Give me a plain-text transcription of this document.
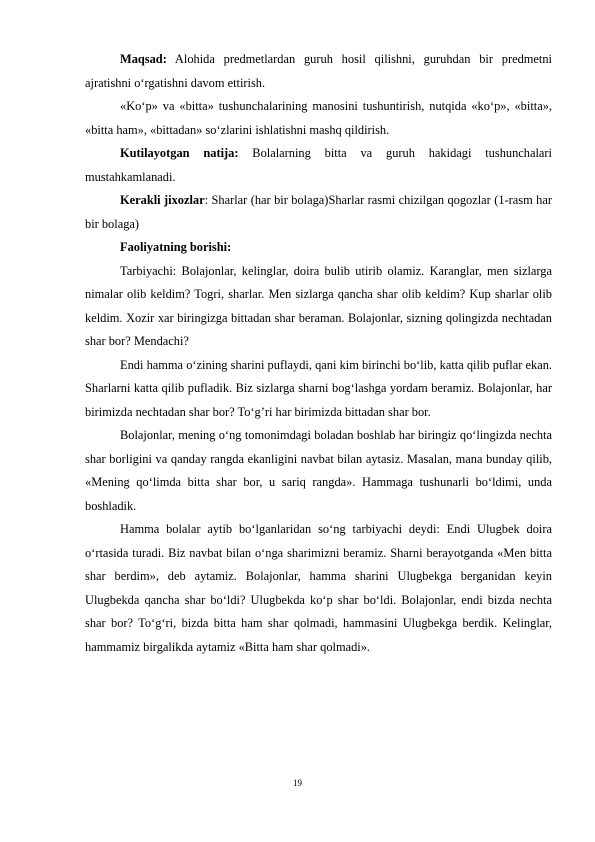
Maqsad: Alohida predmetlardan guruh hosil qilishni, guruhdan bir predmetni ajratishni o‘rgatishni davom ettirish.

«Ko‘p» va «bitta» tushunchalarining manosini tushuntirish, nutqida «ko‘p», «bitta», «bitta ham», «bittadan» so‘zlarini ishlatishni mashq qildirish.

Kutilayotgan natija: Bolalarning bitta va guruh hakidagi tushunchalari mustahkamlanadi.

Kerakli jixozlar: Sharlar (har bir bolaga)Sharlar rasmi chizilgan qogozlar (1-rasm har bir bolaga)

Faoliyatning borishi:

Tarbiyachi: Bolajonlar, kelinglar, doira bulib utirib olamiz. Karanglar, men sizlarga nimalar olib keldim? Togri, sharlar. Men sizlarga qancha shar olib keldim? Kup sharlar olib keldim. Xozir xar biringizga bittadan shar beraman. Bolajonlar, sizning qolingizda nechtadan shar bor? Mendachi?

Endi hamma o‘zining sharini puflaydi, qani kim birinchi bo‘lib, katta qilib puflar ekan. Sharlarni katta qilib pufladik. Biz sizlarga sharni bog‘lashga yordam beramiz. Bolajonlar, har birimizda nechtadan shar bor? To‘g’ri har birimizda bittadan shar bor.

Bolajonlar, mening o‘ng tomonimdagi boladan boshlab har biringiz qo‘lingizda nechta shar borligini va qanday rangda ekanligini navbat bilan aytasiz. Masalan, mana bunday qilib, «Mening qo‘limda bitta shar bor, u sariq rangda». Hammaga tushunarli bo‘ldimi, unda boshladik.

Hamma bolalar aytib bo‘lganlaridan so‘ng tarbiyachi deydi: Endi Ulugbek doira o‘rtasida turadi. Biz navbat bilan o‘nga sharimizni beramiz. Sharni berayotganda «Men bitta shar berdim», deb aytamiz. Bolajonlar, hamma sharini Ulugbekga berganidan keyin Ulugbekda qancha shar bo‘ldi? Ulugbekda ko‘p shar bo‘ldi. Bolajonlar, endi bizda nechta shar bor? To‘g‘ri, bizda bitta ham shar qolmadi, hammasini Ulugbekga berdik. Kelinglar, hammamiz birgalikda aytamiz «Bitta ham shar qolmadi».

19
